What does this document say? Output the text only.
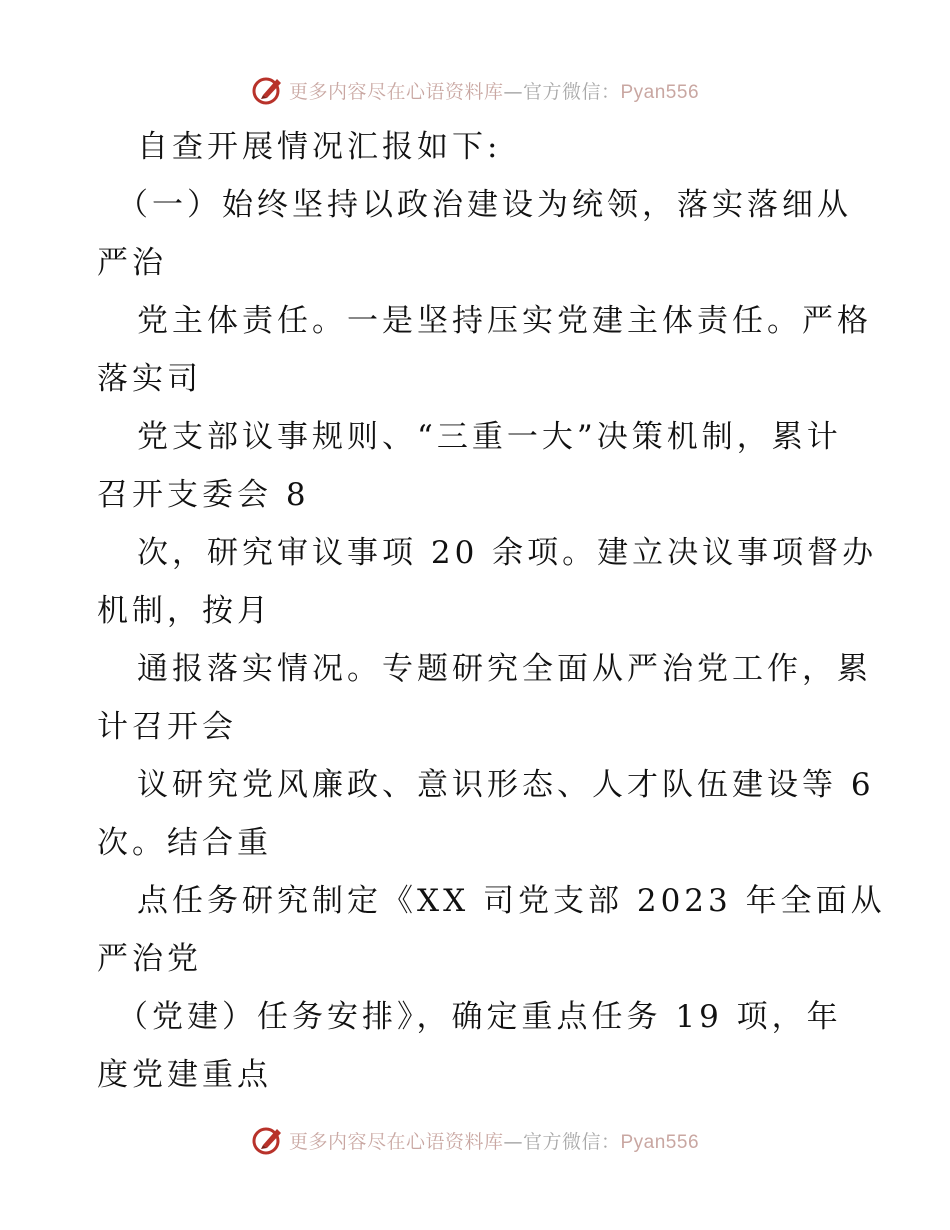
更多内容尽在心语资料库—官方微信：Pyan556
自查开展情况汇报如下:
（一）始终坚持以政治建设为统领，落实落细从
严治
党主体责任。一是坚持压实党建主体责任。严格
落实司
党支部议事规则、“三重一大”决策机制，累计
召开支委会 8
次，研究审议事项 20 余项。建立决议事项督办
机制，按月
通报落实情况。专题研究全面从严治党工作，累
计召开会
议研究党风廉政、意识形态、人才队伍建设等 6
次。结合重
点任务研究制定《XX 司党支部 2023 年全面从
严治党
（党建）任务安排》，确定重点任务 19 项，年
度党建重点
更多内容尽在心语资料库—官方微信：Pyan556
